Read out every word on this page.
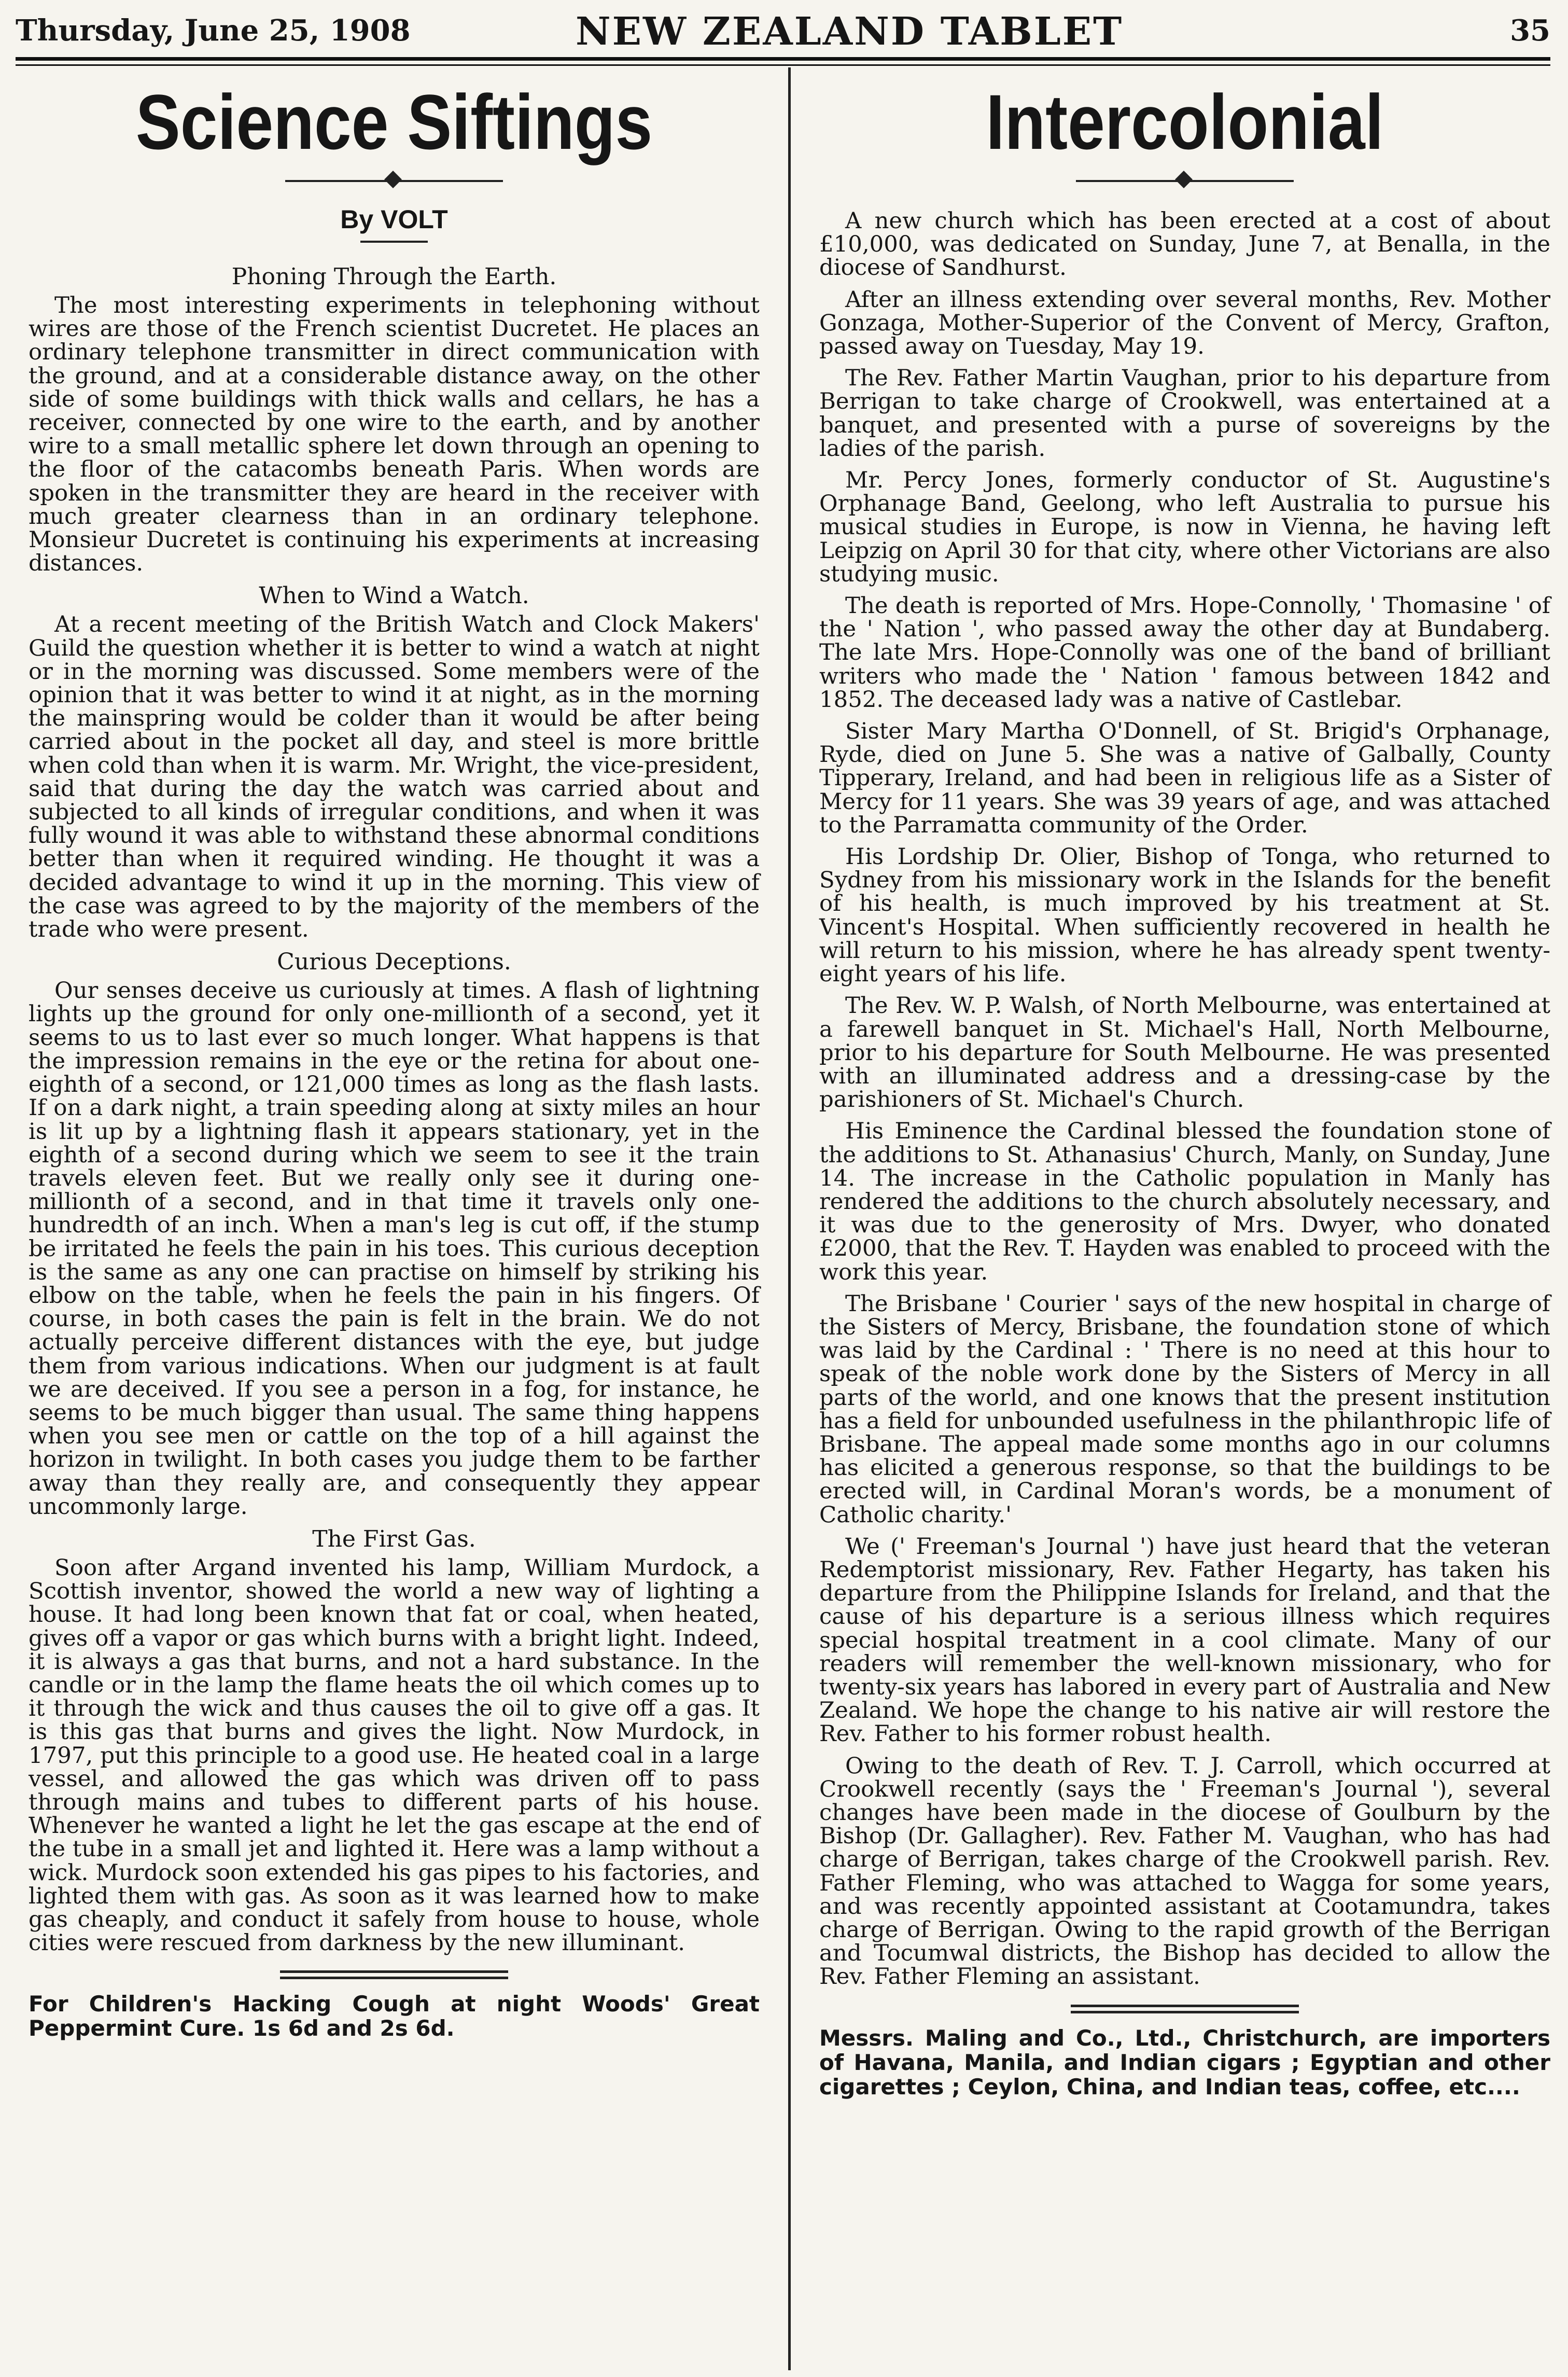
Thursday, June 25, 1908	NEW ZEALAND TABLET	35
Science Siftings
By VOLT
Phoning Through the Earth.

The most interesting experiments in telephoning without wires are those of the French scientist Ducretet. He places an ordinary telephone transmitter in direct communication with the ground, and at a considerable distance away, on the other side of some buildings with thick walls and cellars, he has a receiver, connected by one wire to the earth, and by another wire to a small metallic sphere let down through an opening to the floor of the catacombs beneath Paris. When words are spoken in the transmitter they are heard in the receiver with much greater clearness than in an ordinary telephone. Monsieur Ducretet is continuing his experiments at increasing distances.

When to Wind a Watch.

At a recent meeting of the British Watch and Clock Makers' Guild the question whether it is better to wind a watch at night or in the morning was discussed. Some members were of the opinion that it was better to wind it at night, as in the morning the mainspring would be colder than it would be after being carried about in the pocket all day, and steel is more brittle when cold than when it is warm. Mr. Wright, the vice-president, said that during the day the watch was carried about and subjected to all kinds of irregular conditions, and when it was fully wound it was able to withstand these abnormal conditions better than when it required winding. He thought it was a decided advantage to wind it up in the morning. This view of the case was agreed to by the majority of the members of the trade who were present.

Curious Deceptions.

Our senses deceive us curiously at times. A flash of lightning lights up the ground for only one-millionth of a second, yet it seems to us to last ever so much longer. What happens is that the impression remains in the eye or the retina for about one-eighth of a second, or 121,000 times as long as the flash lasts. If on a dark night, a train speeding along at sixty miles an hour is lit up by a lightning flash it appears stationary, yet in the eighth of a second during which we seem to see it the train travels eleven feet. But we really only see it during one-millionth of a second, and in that time it travels only one-hundredth of an inch. When a man's leg is cut off, if the stump be irritated he feels the pain in his toes. This curious deception is the same as any one can practise on himself by striking his elbow on the table, when he feels the pain in his fingers. Of course, in both cases the pain is felt in the brain. We do not actually perceive different distances with the eye, but judge them from various indications. When our judgment is at fault we are deceived. If you see a person in a fog, for instance, he seems to be much bigger than usual. The same thing happens when you see men or cattle on the top of a hill against the horizon in twilight. In both cases you judge them to be farther away than they really are, and consequently they appear uncommonly large.

The First Gas.

Soon after Argand invented his lamp, William Murdock, a Scottish inventor, showed the world a new way of lighting a house. It had long been known that fat or coal, when heated, gives off a vapor or gas which burns with a bright light. Indeed, it is always a gas that burns, and not a hard substance. In the candle or in the lamp the flame heats the oil which comes up to it through the wick and thus causes the oil to give off a gas. It is this gas that burns and gives the light. Now Murdock, in 1797, put this principle to a good use. He heated coal in a large vessel, and allowed the gas which was driven off to pass through mains and tubes to different parts of his house. Whenever he wanted a light he let the gas escape at the end of the tube in a small jet and lighted it. Here was a lamp without a wick. Murdock soon extended his gas pipes to his factories, and lighted them with gas. As soon as it was learned how to make gas cheaply, and conduct it safely from house to house, whole cities were rescued from darkness by the new illuminant.

For Children's Hacking Cough at night Woods' Great Peppermint Cure. 1s 6d and 2s 6d.
Intercolonial

A new church which has been erected at a cost of about £10,000, was dedicated on Sunday, June 7, at Benalla, in the diocese of Sandhurst.

After an illness extending over several months, Rev. Mother Gonzaga, Mother-Superior of the Convent of Mercy, Grafton, passed away on Tuesday, May 19.

The Rev. Father Martin Vaughan, prior to his departure from Berrigan to take charge of Crookwell, was entertained at a banquet, and presented with a purse of sovereigns by the ladies of the parish.

Mr. Percy Jones, formerly conductor of St. Augustine's Orphanage Band, Geelong, who left Australia to pursue his musical studies in Europe, is now in Vienna, he having left Leipzig on April 30 for that city, where other Victorians are also studying music.

The death is reported of Mrs. Hope-Connolly, ' Thomasine ' of the ' Nation ', who passed away the other day at Bundaberg. The late Mrs. Hope-Connolly was one of the band of brilliant writers who made the ' Nation ' famous between 1842 and 1852. The deceased lady was a native of Castlebar.

Sister Mary Martha O'Donnell, of St. Brigid's Orphanage, Ryde, died on June 5. She was a native of Galbally, County Tipperary, Ireland, and had been in religious life as a Sister of Mercy for 11 years. She was 39 years of age, and was attached to the Parramatta community of the Order.

His Lordship Dr. Olier, Bishop of Tonga, who returned to Sydney from his missionary work in the Islands for the benefit of his health, is much improved by his treatment at St. Vincent's Hospital. When sufficiently recovered in health he will return to his mission, where he has already spent twenty-eight years of his life.

The Rev. W. P. Walsh, of North Melbourne, was entertained at a farewell banquet in St. Michael's Hall, North Melbourne, prior to his departure for South Melbourne. He was presented with an illuminated address and a dressing-case by the parishioners of St. Michael's Church.

His Eminence the Cardinal blessed the foundation stone of the additions to St. Athanasius' Church, Manly, on Sunday, June 14. The increase in the Catholic population in Manly has rendered the additions to the church absolutely necessary, and it was due to the generosity of Mrs. Dwyer, who donated £2000, that the Rev. T. Hayden was enabled to proceed with the work this year.

The Brisbane ' Courier ' says of the new hospital in charge of the Sisters of Mercy, Brisbane, the foundation stone of which was laid by the Cardinal : ' There is no need at this hour to speak of the noble work done by the Sisters of Mercy in all parts of the world, and one knows that the present institution has a field for unbounded usefulness in the philanthropic life of Brisbane. The appeal made some months ago in our columns has elicited a generous response, so that the buildings to be erected will, in Cardinal Moran's words, be a monument of Catholic charity.'

We (' Freeman's Journal ') have just heard that the veteran Redemptorist missionary, Rev. Father Hegarty, has taken his departure from the Philippine Islands for Ireland, and that the cause of his departure is a serious illness which requires special hospital treatment in a cool climate. Many of our readers will remember the well-known missionary, who for twenty-six years has labored in every part of Australia and New Zealand. We hope the change to his native air will restore the Rev. Father to his former robust health.

Owing to the death of Rev. T. J. Carroll, which occurred at Crookwell recently (says the ' Freeman's Journal '), several changes have been made in the diocese of Goulburn by the Bishop (Dr. Gallagher). Rev. Father M. Vaughan, who has had charge of Berrigan, takes charge of the Crookwell parish. Rev. Father Fleming, who was attached to Wagga for some years, and was recently appointed assistant at Cootamundra, takes charge of Berrigan. Owing to the rapid growth of the Berrigan and Tocumwal districts, the Bishop has decided to allow the Rev. Father Fleming an assistant.

Messrs. Maling and Co., Ltd., Christchurch, are importers of Havana, Manila, and Indian cigars ; Egyptian and other cigarettes ; Ceylon, China, and Indian teas, coffee, etc....
